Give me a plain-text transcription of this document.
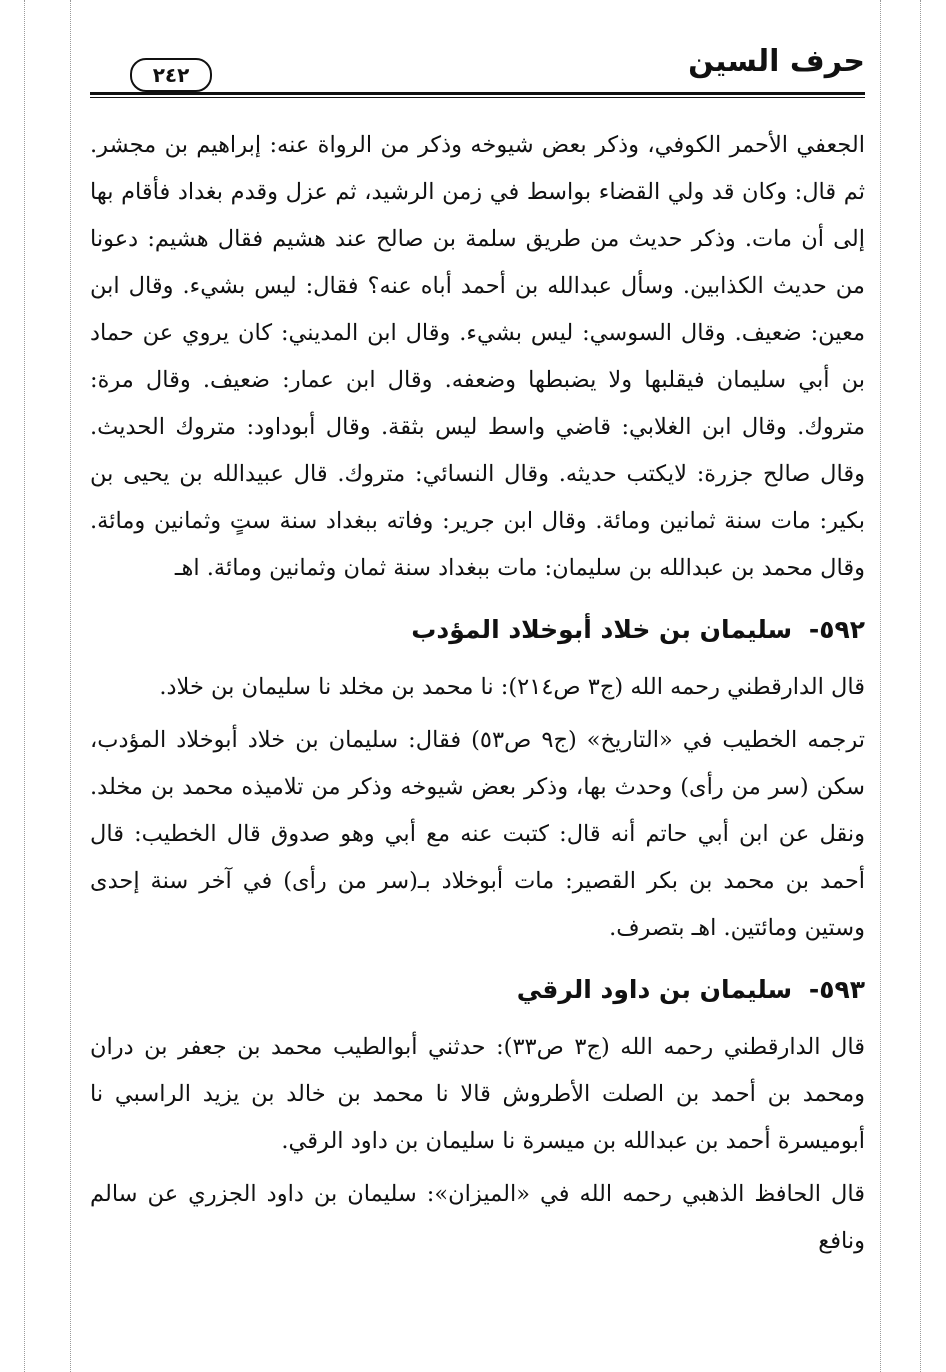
حرف السين
٢٤٢

الجعفي الأحمر الكوفي، وذكر بعض شيوخه وذكر من الرواة عنه: إبراهيم بن مجشر. ثم قال: وكان قد ولي القضاء بواسط في زمن الرشيد، ثم عزل وقدم بغداد فأقام بها إلى أن مات. وذكر حديث من طريق سلمة بن صالح عند هشيم فقال هشيم: دعونا من حديث الكذابين. وسأل عبدالله بن أحمد أباه عنه؟ فقال: ليس بشيء. وقال ابن معين: ضعيف. وقال السوسي: ليس بشيء. وقال ابن المديني: كان يروي عن حماد بن أبي سليمان فيقلبها ولا يضبطها وضعفه. وقال ابن عمار: ضعيف. وقال مرة: متروك. وقال ابن الغلابي: قاضي واسط ليس بثقة. وقال أبوداود: متروك الحديث. وقال صالح جزرة: لايكتب حديثه. وقال النسائي: متروك. قال عبيدالله بن يحيى بن بكير: مات سنة ثمانين ومائة. وقال ابن جرير: وفاته ببغداد سنة ستٍ وثمانين ومائة. وقال محمد بن عبدالله بن سليمان: مات ببغداد سنة ثمان وثمانين ومائة. اهـ

٥٩٢- سليمان بن خلاد أبوخلاد المؤدب

قال الدارقطني رحمه الله (ج٣ ص٢١٤): نا محمد بن مخلد نا سليمان بن خلاد.

ترجمه الخطيب في «التاريخ» (ج٩ ص٥٣) فقال: سليمان بن خلاد أبوخلاد المؤدب، سكن (سر من رأى) وحدث بها، وذكر بعض شيوخه وذكر من تلاميذه محمد بن مخلد. ونقل عن ابن أبي حاتم أنه قال: كتبت عنه مع أبي وهو صدوق قال الخطيب: قال أحمد بن محمد بن بكر القصير: مات أبوخلاد بـ(سر من رأى) في آخر سنة إحدى وستين ومائتين. اهـ بتصرف.

٥٩٣- سليمان بن داود الرقي

قال الدارقطني رحمه الله (ج٣ ص٣٣): حدثني أبوالطيب محمد بن جعفر بن دران ومحمد بن أحمد بن الصلت الأطروش قالا نا محمد بن خالد بن يزيد الراسبي نا أبوميسرة أحمد بن عبدالله بن ميسرة نا سليمان بن داود الرقي.

قال الحافظ الذهبي رحمه الله في «الميزان»: سليمان بن داود الجزري عن سالم ونافع
